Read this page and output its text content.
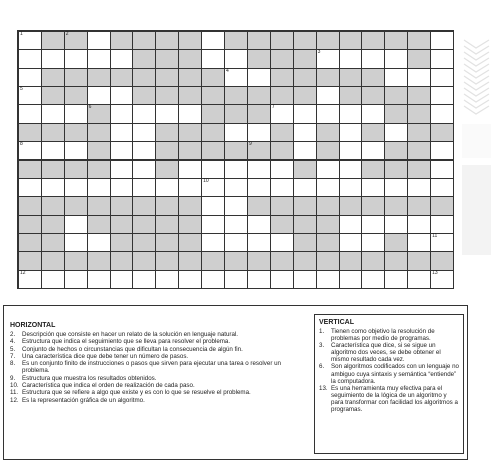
1	2
3
4
5
6	7
8	9
10
11
12	13
HORIZONTAL
2.	Descripción que consiste en hacer un relato de la solución en lenguaje natural.
4.	Estructura que indica el seguimiento que se lleva para resolver el problema.
5.	Conjunto de hechos o circunstancias que dificultan la consecuencia de algún fin.
7.	Una característica dice que debe tener un número de pasos.
8.	Es un conjunto finito de instrucciones o pasos que sirven para ejecutar una tarea o resolver un problema.
9.	Estructura que muestra los resultados obtenidos.
10. Característica que indica el orden de realización de cada paso.
11. Estructura que se refiere a algo que existe y es con lo que se resuelve el problema.
12. Es la representación gráfica de un algoritmo.
VERTICAL
1.	Tienen como objetivo la resolución de problemas por medio de programas.
3.	Característica que dice, si se sigue un algoritmo dos veces, se debe obtener el mismo resultado cada vez.
6.	Son algoritmos codificados con un lenguaje no ambiguo cuya sintaxis y semántica “entiende” la computadora.
13. Es una herramienta muy efectiva para el seguimiento de la lógica de un algoritmo y para transformar con facilidad los algoritmos a programas.
